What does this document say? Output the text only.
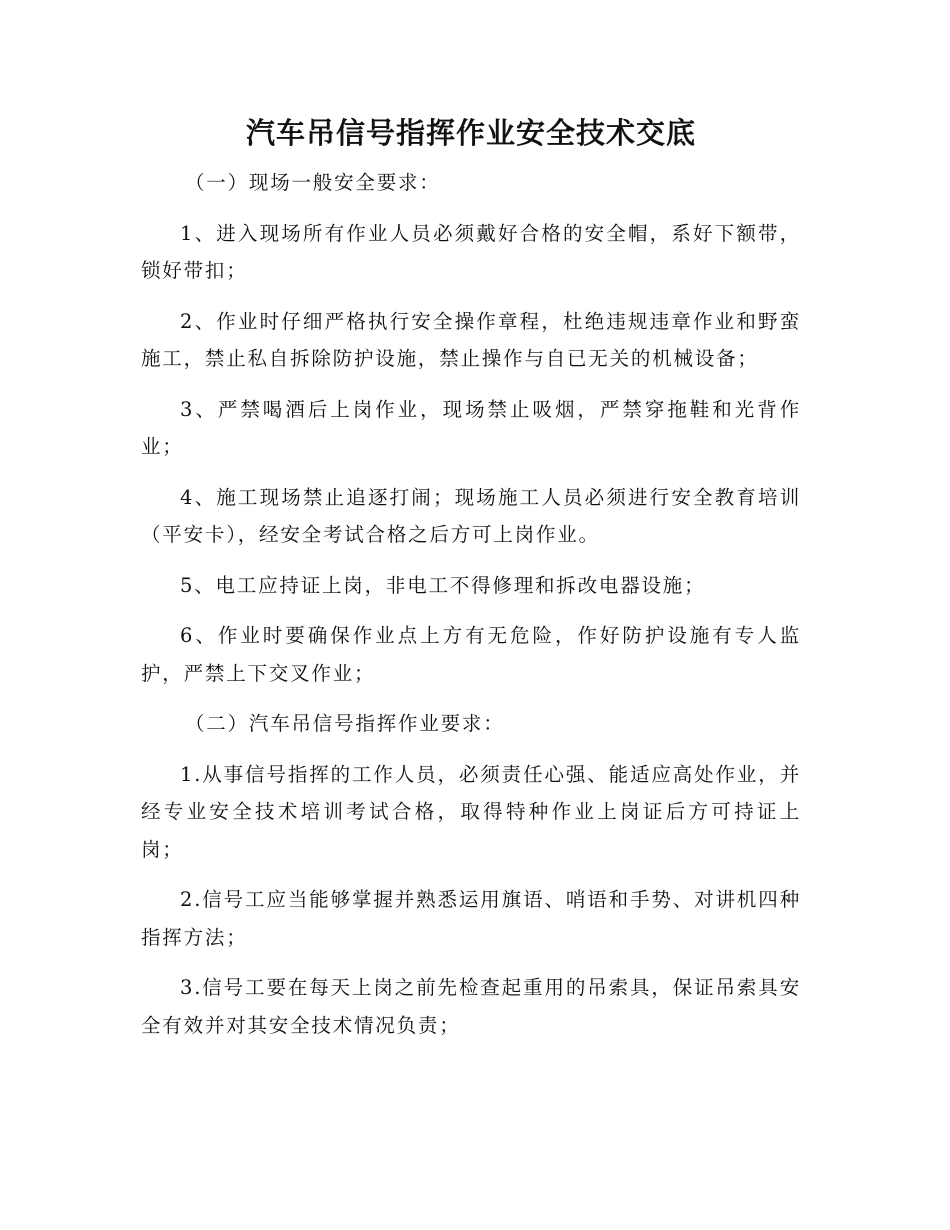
汽车吊信号指挥作业安全技术交底

（一）现场一般安全要求：

1、进入现场所有作业人员必须戴好合格的安全帽，系好下额带，锁好带扣；

2、作业时仔细严格执行安全操作章程，杜绝违规违章作业和野蛮施工，禁止私自拆除防护设施，禁止操作与自已无关的机械设备；

3、严禁喝酒后上岗作业，现场禁止吸烟，严禁穿拖鞋和光背作业；

4、施工现场禁止追逐打闹；现场施工人员必须进行安全教育培训（平安卡），经安全考试合格之后方可上岗作业。

5、电工应持证上岗，非电工不得修理和拆改电器设施；

6、作业时要确保作业点上方有无危险，作好防护设施有专人监护，严禁上下交叉作业；

（二）汽车吊信号指挥作业要求：

1.从事信号指挥的工作人员，必须责任心强、能适应高处作业，并经专业安全技术培训考试合格，取得特种作业上岗证后方可持证上岗；

2.信号工应当能够掌握并熟悉运用旗语、哨语和手势、对讲机四种指挥方法；

3.信号工要在每天上岗之前先检查起重用的吊索具，保证吊索具安全有效并对其安全技术情况负责；
